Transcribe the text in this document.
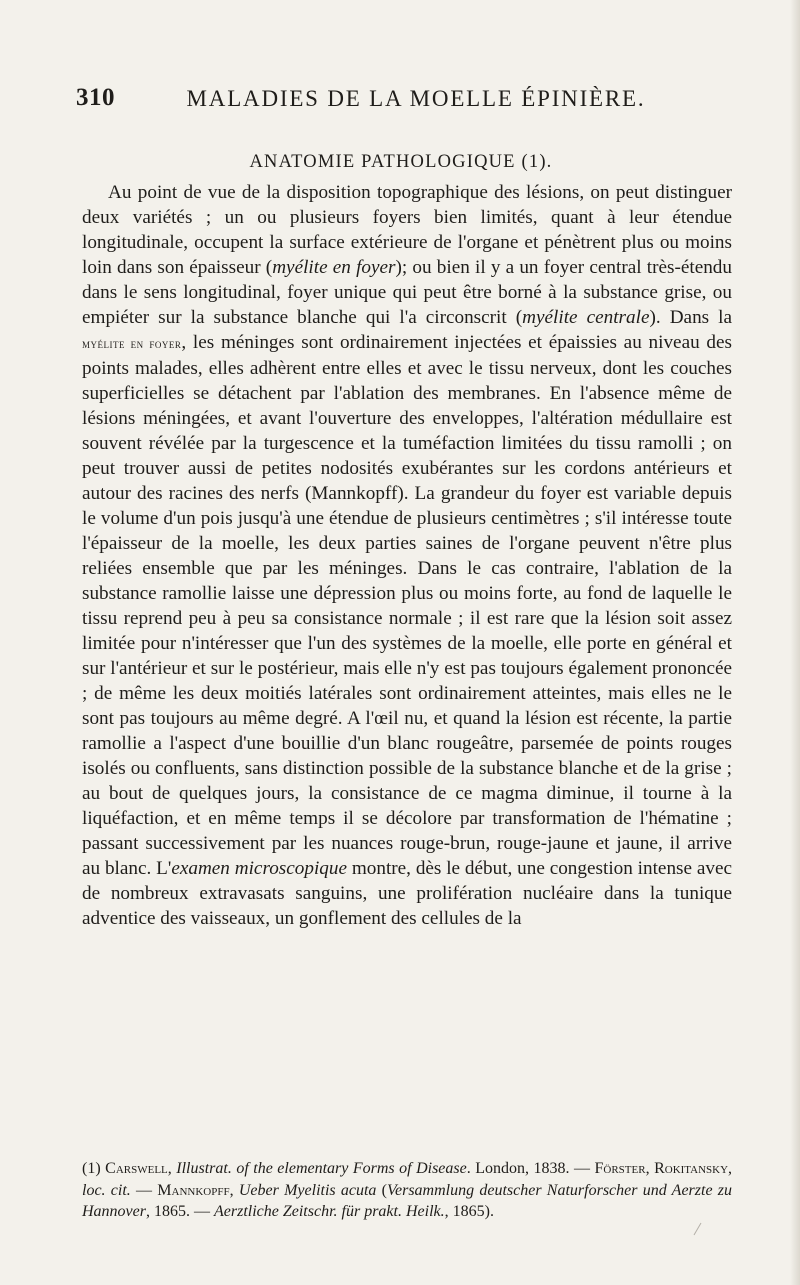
310	MALADIES DE LA MOELLE ÉPINIÈRE.
ANATOMIE PATHOLOGIQUE (1).
Au point de vue de la disposition topographique des lésions, on peut distinguer deux variétés ; un ou plusieurs foyers bien limités, quant à leur étendue longitudinale, occupent la surface extérieure de l'organe et pénètrent plus ou moins loin dans son épaisseur (myélite en foyer); ou bien il y a un foyer central très-étendu dans le sens longitudinal, foyer unique qui peut être borné à la substance grise, ou empiéter sur la substance blanche qui l'a circonscrit (myélite centrale). Dans la myélite en foyer, les méninges sont ordinairement injectées et épaissies au niveau des points malades, elles adhèrent entre elles et avec le tissu nerveux, dont les couches superficielles se détachent par l'ablation des membranes. En l'absence même de lésions méningées, et avant l'ouverture des enveloppes, l'altération médullaire est souvent révélée par la turgescence et la tuméfaction limitées du tissu ramolli ; on peut trouver aussi de petites nodosités exubérantes sur les cordons antérieurs et autour des racines des nerfs (Mannkopff). La grandeur du foyer est variable depuis le volume d'un pois jusqu'à une étendue de plusieurs centimètres ; s'il intéresse toute l'épaisseur de la moelle, les deux parties saines de l'organe peuvent n'être plus reliées ensemble que par les méninges. Dans le cas contraire, l'ablation de la substance ramollie laisse une dépression plus ou moins forte, au fond de laquelle le tissu reprend peu à peu sa consistance normale ; il est rare que la lésion soit assez limitée pour n'intéresser que l'un des systèmes de la moelle, elle porte en général et sur l'antérieur et sur le postérieur, mais elle n'y est pas toujours également prononcée ; de même les deux moitiés latérales sont ordinairement atteintes, mais elles ne le sont pas toujours au même degré. A l'œil nu, et quand la lésion est récente, la partie ramollie a l'aspect d'une bouillie d'un blanc rougeâtre, parsemée de points rouges isolés ou confluents, sans distinction possible de la substance blanche et de la grise ; au bout de quelques jours, la consistance de ce magma diminue, il tourne à la liquéfaction, et en même temps il se décolore par transformation de l'hématine ; passant successivement par les nuances rouge-brun, rouge-jaune et jaune, il arrive au blanc. L'examen microscopique montre, dès le début, une congestion intense avec de nombreux extravasats sanguins, une prolifération nucléaire dans la tunique adventice des vaisseaux, un gonflement des cellules de la
(1) Carswell, Illustrat. of the elementary Forms of Disease. London, 1838. — Förster, Rokitansky, loc. cit. — Mannkopff, Ueber Myelitis acuta (Versammlung deutscher Naturforscher und Aerzte zu Hannover, 1865. — Aerztliche Zeitschr. für prakt. Heilk., 1865).
